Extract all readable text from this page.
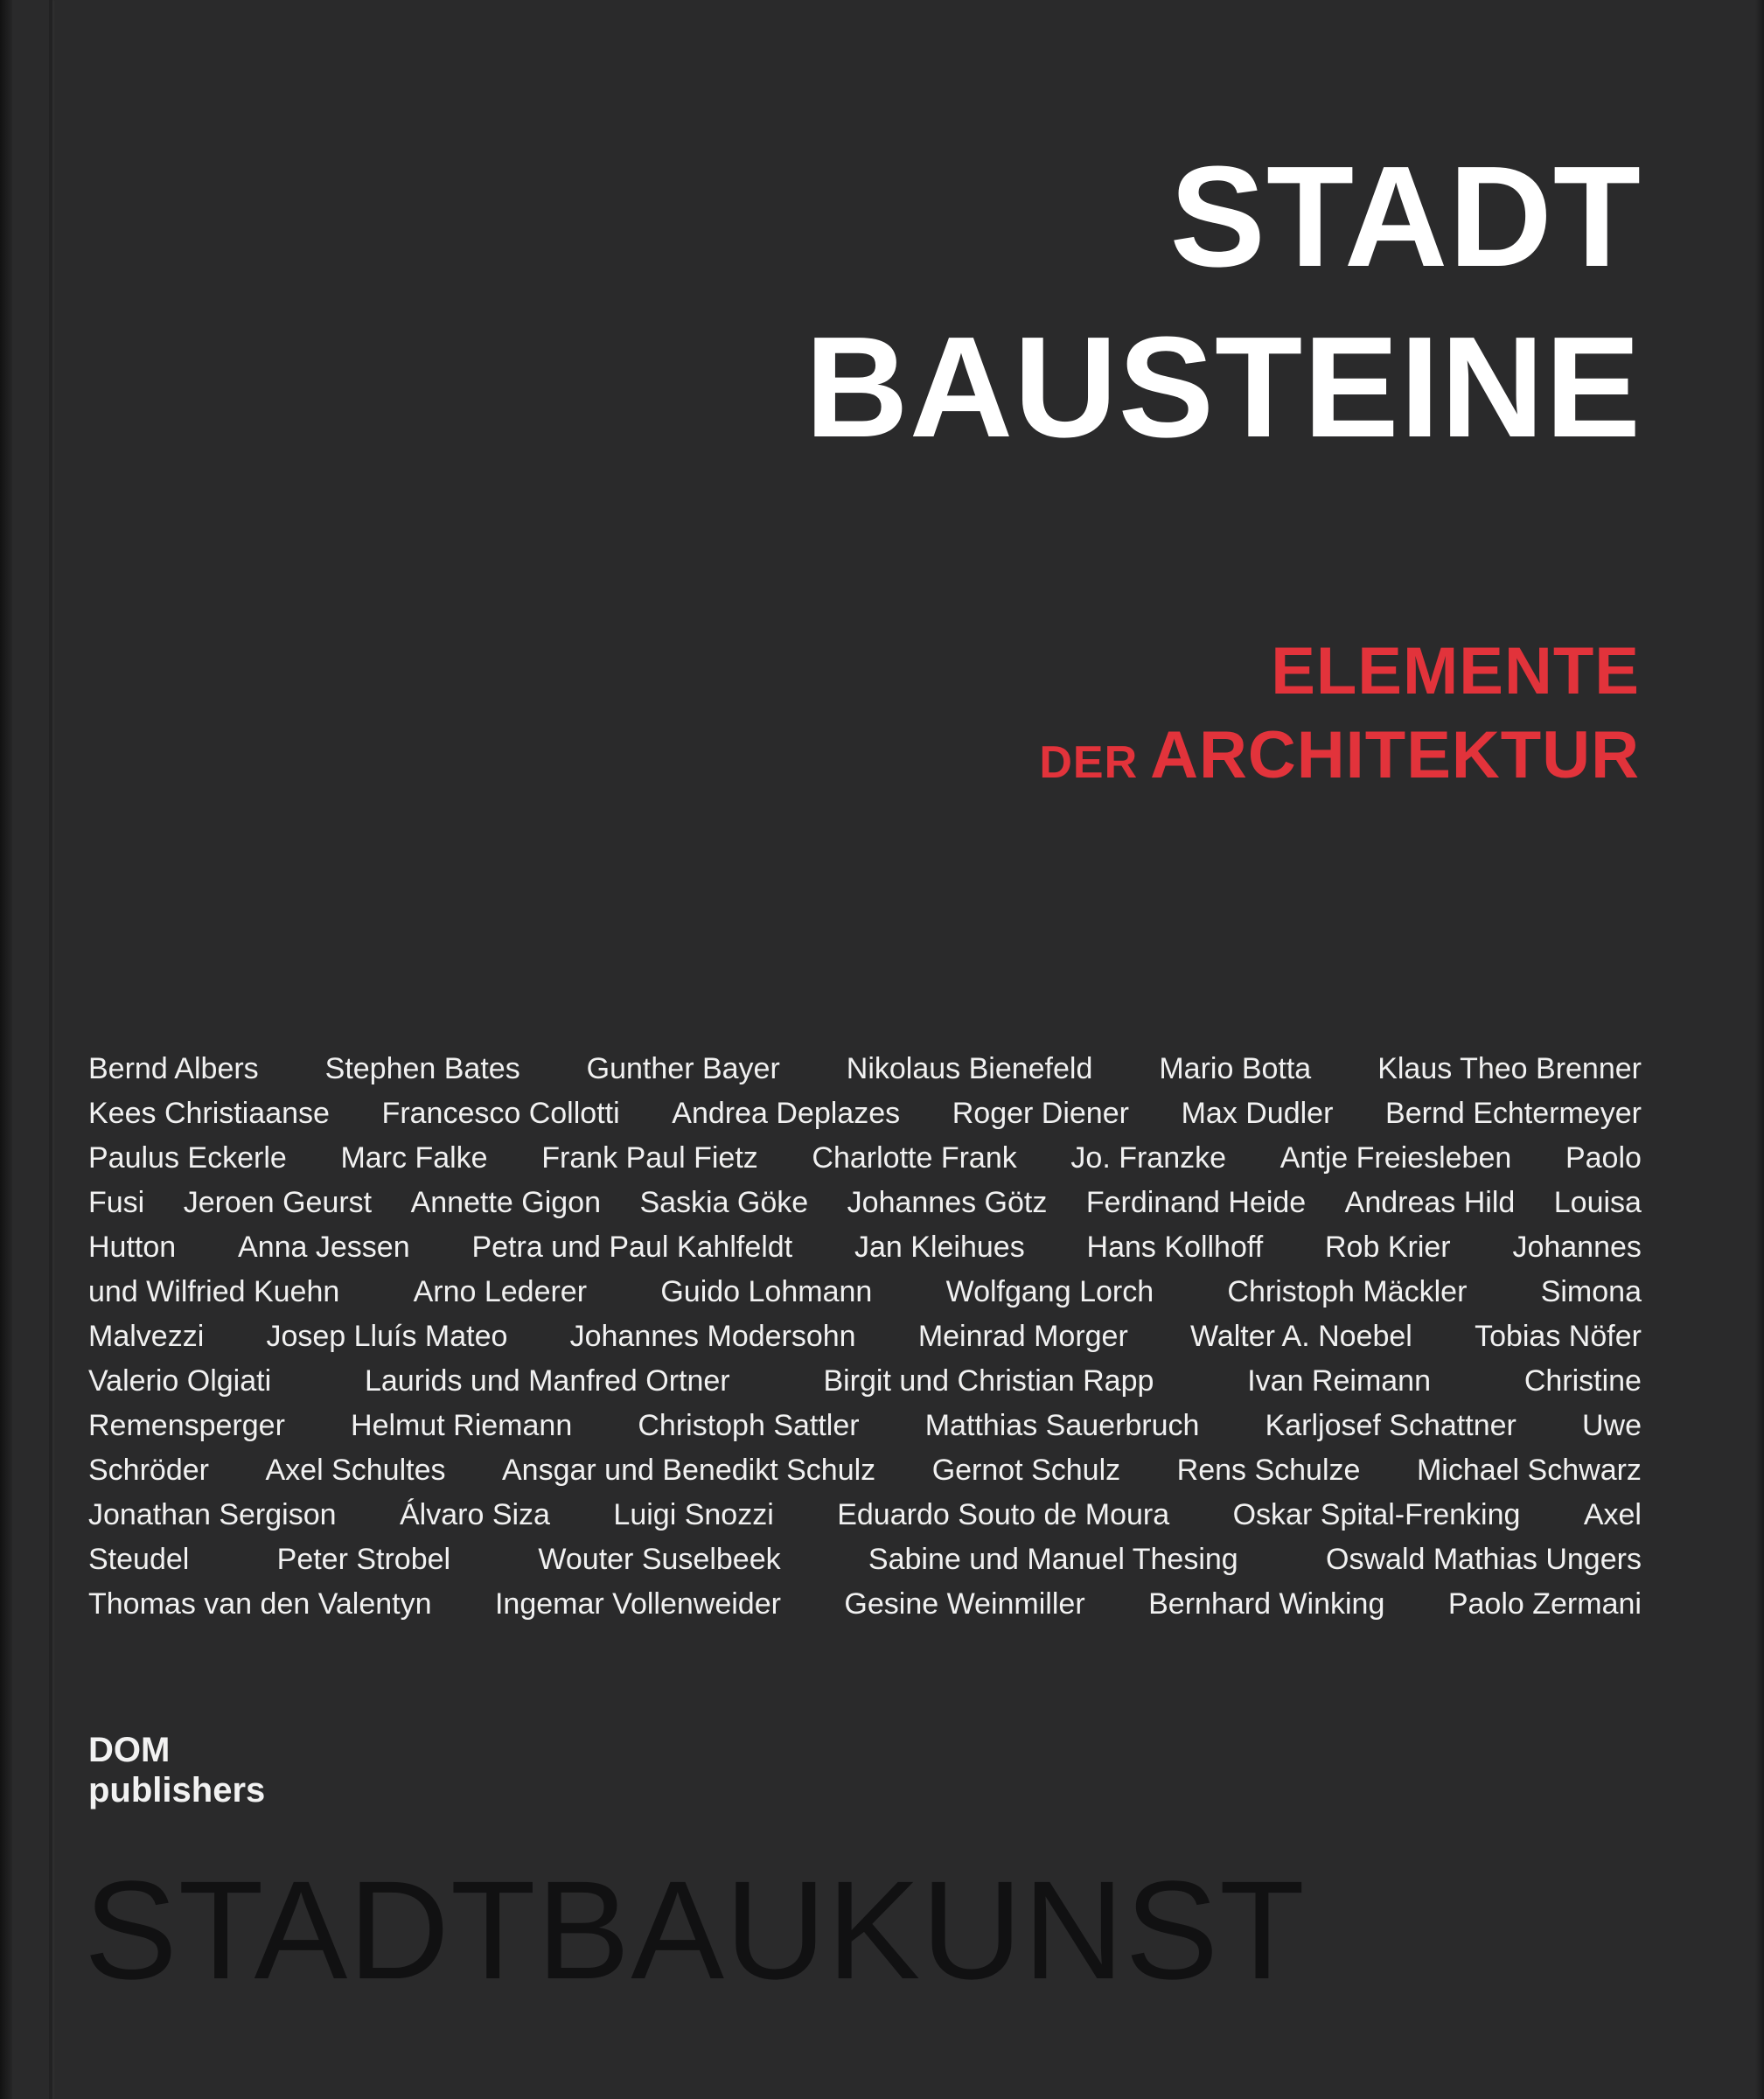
STADT
BAUSTEINE
ELEMENTE
DER ARCHITEKTUR
Bernd Albers Stephen Bates Gunther Bayer Nikolaus Bienefeld Mario Botta Klaus Theo Brenner
Kees Christiaanse Francesco Collotti Andrea Deplazes Roger Diener Max Dudler Bernd Echtermeyer
Paulus Eckerle Marc Falke Frank Paul Fietz Charlotte Frank Jo. Franzke Antje Freiesleben Paolo
Fusi Jeroen Geurst Annette Gigon Saskia Göke Johannes Götz Ferdinand Heide Andreas Hild Louisa
Hutton Anna Jessen Petra und Paul Kahlfeldt Jan Kleihues Hans Kollhoff Rob Krier Johannes
und Wilfried Kuehn Arno Lederer Guido Lohmann Wolfgang Lorch Christoph Mäckler Simona
Malvezzi Josep Lluís Mateo Johannes Modersohn Meinrad Morger Walter A. Noebel Tobias Nöfer
Valerio Olgiati	Laurids und Manfred Ortner	Birgit und Christian Rapp	Ivan Reimann	Christine
Remensperger Helmut Riemann Christoph Sattler Matthias Sauerbruch Karljosef Schattner Uwe
Schröder Axel Schultes Ansgar und Benedikt Schulz Gernot Schulz Rens Schulze Michael Schwarz
Jonathan Sergison Álvaro Siza Luigi Snozzi Eduardo Souto de Moura Oskar Spital-Frenking Axel
Steudel	Peter Strobel	Wouter Suselbeek	Sabine und Manuel Thesing	Oswald Mathias Ungers
Thomas van den Valentyn Ingemar Vollenweider Gesine Weinmiller Bernhard Winking Paolo Zermani
DOM
publishers
STADTBAUKUNST
